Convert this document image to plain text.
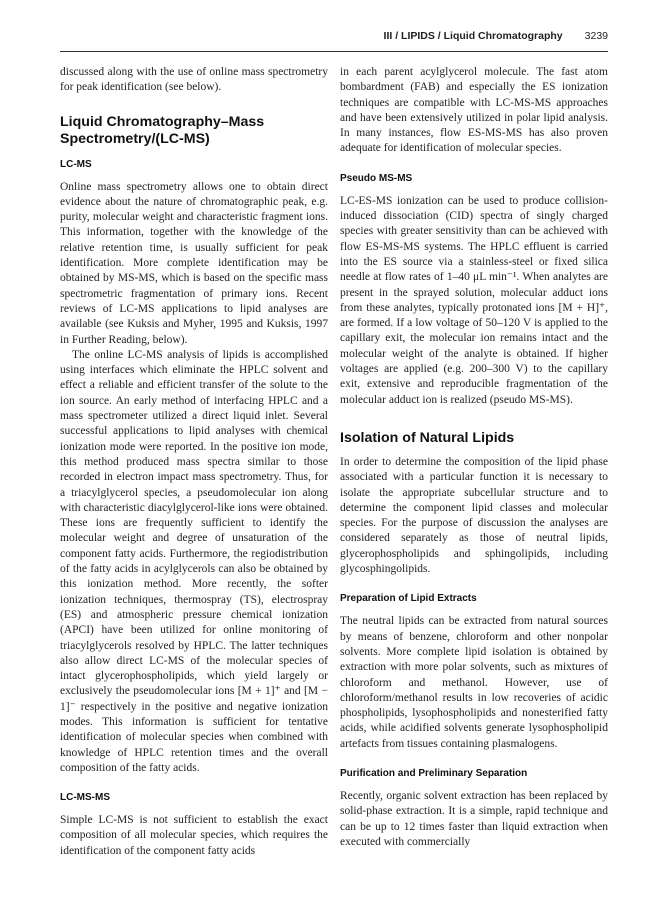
III / LIPIDS / Liquid Chromatography 3239

discussed along with the use of online mass spectrometry for peak identification (see below).

Liquid Chromatography–Mass Spectrometry/(LC-MS)
LC-MS

Online mass spectrometry allows one to obtain direct evidence about the nature of chromatographic peak, e.g. purity, molecular weight and characteristic fragment ions. This information, together with the knowledge of the relative retention time, is usually sufficient for peak identification. More complete identification may be obtained by MS-MS, which is based on the specific mass spectrometric fragmentation of primary ions. Recent reviews of LC-MS applications to lipid analyses are available (see Kuksis and Myher, 1995 and Kuksis, 1997 in Further Reading, below).

The online LC-MS analysis of lipids is accomplished using interfaces which eliminate the HPLC solvent and effect a reliable and efficient transfer of the solute to the ion source. An early method of interfacing HPLC and a mass spectrometer utilized a direct liquid inlet. Several successful applications to lipid analyses with chemical ionization mode were reported. In the positive ion mode, this method produced mass spectra similar to those recorded in electron impact mass spectrometry. Thus, for a triacylglycerol species, a pseudomolecular ion along with characteristic diacylglycerol-like ions were obtained. These ions are frequently sufficient to identify the molecular weight and degree of unsaturation of the component fatty acids. Furthermore, the regiodistribution of the fatty acids in acylglycerols can also be obtained by this ionization method. More recently, the softer ionization techniques, thermospray (TS), electrospray (ES) and atmospheric pressure chemical ionization (APCI) have been utilized for online monitoring of triacylglycerols resolved by HPLC. The latter techniques also allow direct LC-MS of the molecular species of intact glycerophospholipids, which yield largely or exclusively the pseudomolecular ions [M + 1]⁺ and [M − 1]⁻ respectively in the positive and negative ionization modes. This information is sufficient for tentative identification of molecular species when combined with knowledge of HPLC retention times and the overall composition of the fatty acids.

LC-MS-MS

Simple LC-MS is not sufficient to establish the exact composition of all molecular species, which requires the identification of the component fatty acids

in each parent acylglycerol molecule. The fast atom bombardment (FAB) and especially the ES ionization techniques are compatible with LC-MS-MS approaches and have been extensively utilized in polar lipid analysis. In many instances, flow ES-MS-MS has also proven adequate for identification of molecular species.

Pseudo MS-MS

LC-ES-MS ionization can be used to produce collision-induced dissociation (CID) spectra of singly charged species with greater sensitivity than can be achieved with flow ES-MS-MS systems. The HPLC effluent is carried into the ES source via a stainless-steel or fixed silica needle at flow rates of 1–40 μL min⁻¹. When analytes are present in the sprayed solution, molecular adduct ions from these analytes, typically protonated ions [M + H]⁺, are formed. If a low voltage of 50–120 V is applied to the capillary exit, the molecular ion remains intact and the molecular weight of the analyte is obtained. If higher voltages are applied (e.g. 200–300 V) to the capillary exit, extensive and reproducible fragmentation of the molecular adduct ion is realized (pseudo MS-MS).

Isolation of Natural Lipids

In order to determine the composition of the lipid phase associated with a particular function it is necessary to isolate the appropriate subcellular structure and to determine the component lipid classes and molecular species. For the purpose of discussion the analyses are considered separately as those of neutral lipids, glycerophospholipids and sphingolipids, including glycosphingolipids.

Preparation of Lipid Extracts

The neutral lipids can be extracted from natural sources by means of benzene, chloroform and other nonpolar solvents. More complete lipid isolation is obtained by extraction with more polar solvents, such as mixtures of chloroform and methanol. However, use of chloroform/methanol results in low recoveries of acidic phospholipids, lysophospholipids and nonesterified fatty acids, while acidified solvents generate lysophospholipid artefacts from tissues containing plasmalogens.

Purification and Preliminary Separation

Recently, organic solvent extraction has been replaced by solid-phase extraction. It is a simple, rapid technique and can be up to 12 times faster than liquid extraction when executed with commercially
